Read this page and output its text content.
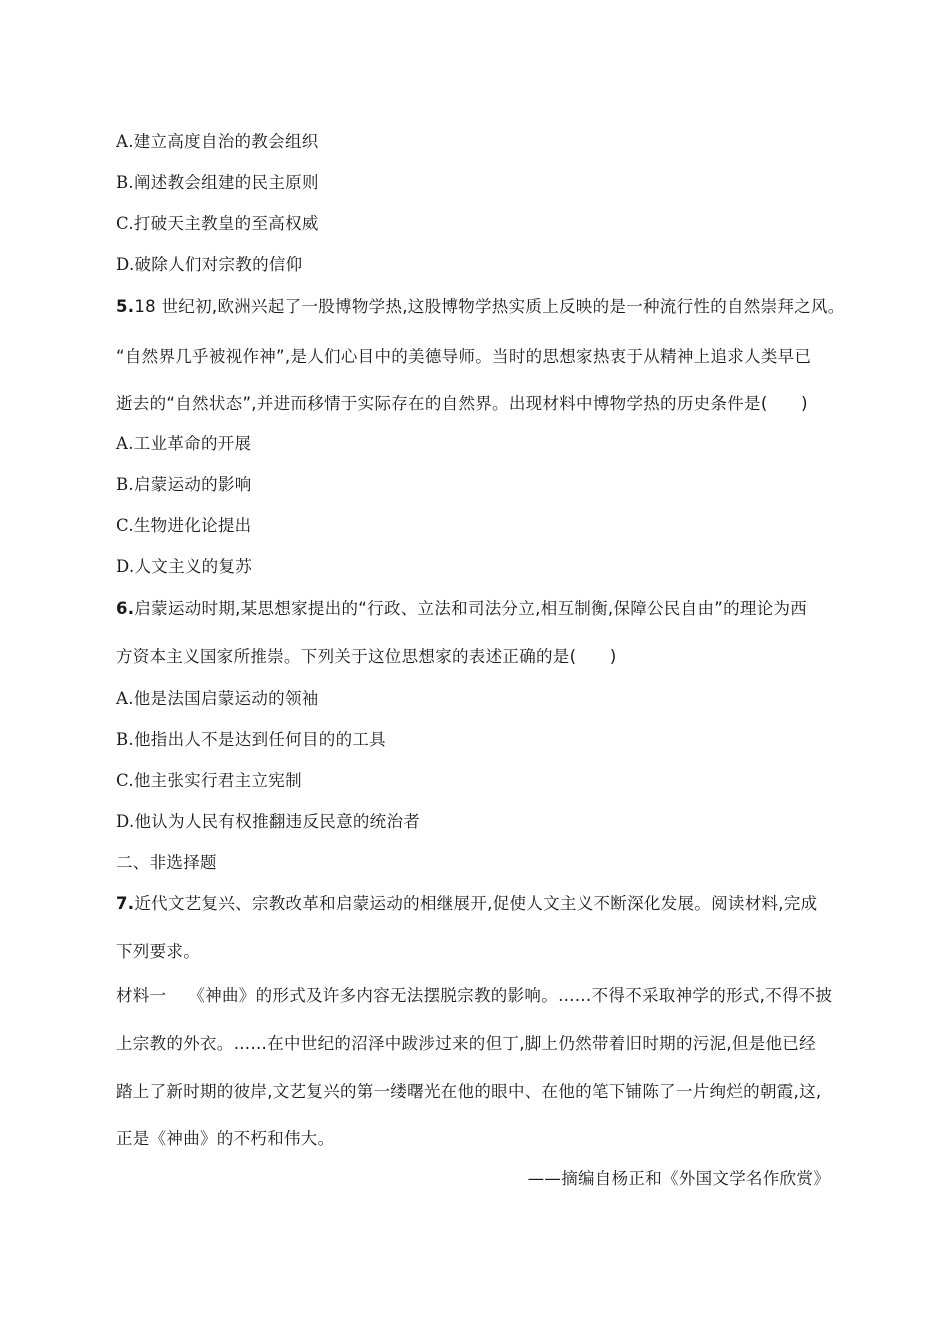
A.建立高度自治的教会组织
B.阐述教会组建的民主原则
C.打破天主教皇的至高权威
D.破除人们对宗教的信仰
5.18 世纪初,欧洲兴起了一股博物学热,这股博物学热实质上反映的是一种流行性的自然崇拜之风。
“自然界几乎被视作神”,是人们心目中的美德导师。当时的思想家热衷于从精神上追求人类早已
逝去的“自然状态”,并进而移情于实际存在的自然界。出现材料中博物学热的历史条件是(　　)
A.工业革命的开展
B.启蒙运动的影响
C.生物进化论提出
D.人文主义的复苏
6.启蒙运动时期,某思想家提出的“行政、立法和司法分立,相互制衡,保障公民自由”的理论为西
方资本主义国家所推崇。下列关于这位思想家的表述正确的是(　　)
A.他是法国启蒙运动的领袖
B.他指出人不是达到任何目的的工具
C.他主张实行君主立宪制
D.他认为人民有权推翻违反民意的统治者
二、非选择题
7.近代文艺复兴、宗教改革和启蒙运动的相继展开,促使人文主义不断深化发展。阅读材料,完成
下列要求。
材料一 《神曲》的形式及许多内容无法摆脱宗教的影响。……不得不采取神学的形式,不得不披
上宗教的外衣。……在中世纪的沼泽中跋涉过来的但丁,脚上仍然带着旧时期的污泥,但是他已经
踏上了新时期的彼岸,文艺复兴的第一缕曙光在他的眼中、在他的笔下铺陈了一片绚烂的朝霞,这,
正是《神曲》的不朽和伟大。
——摘编自杨正和《外国文学名作欣赏》
